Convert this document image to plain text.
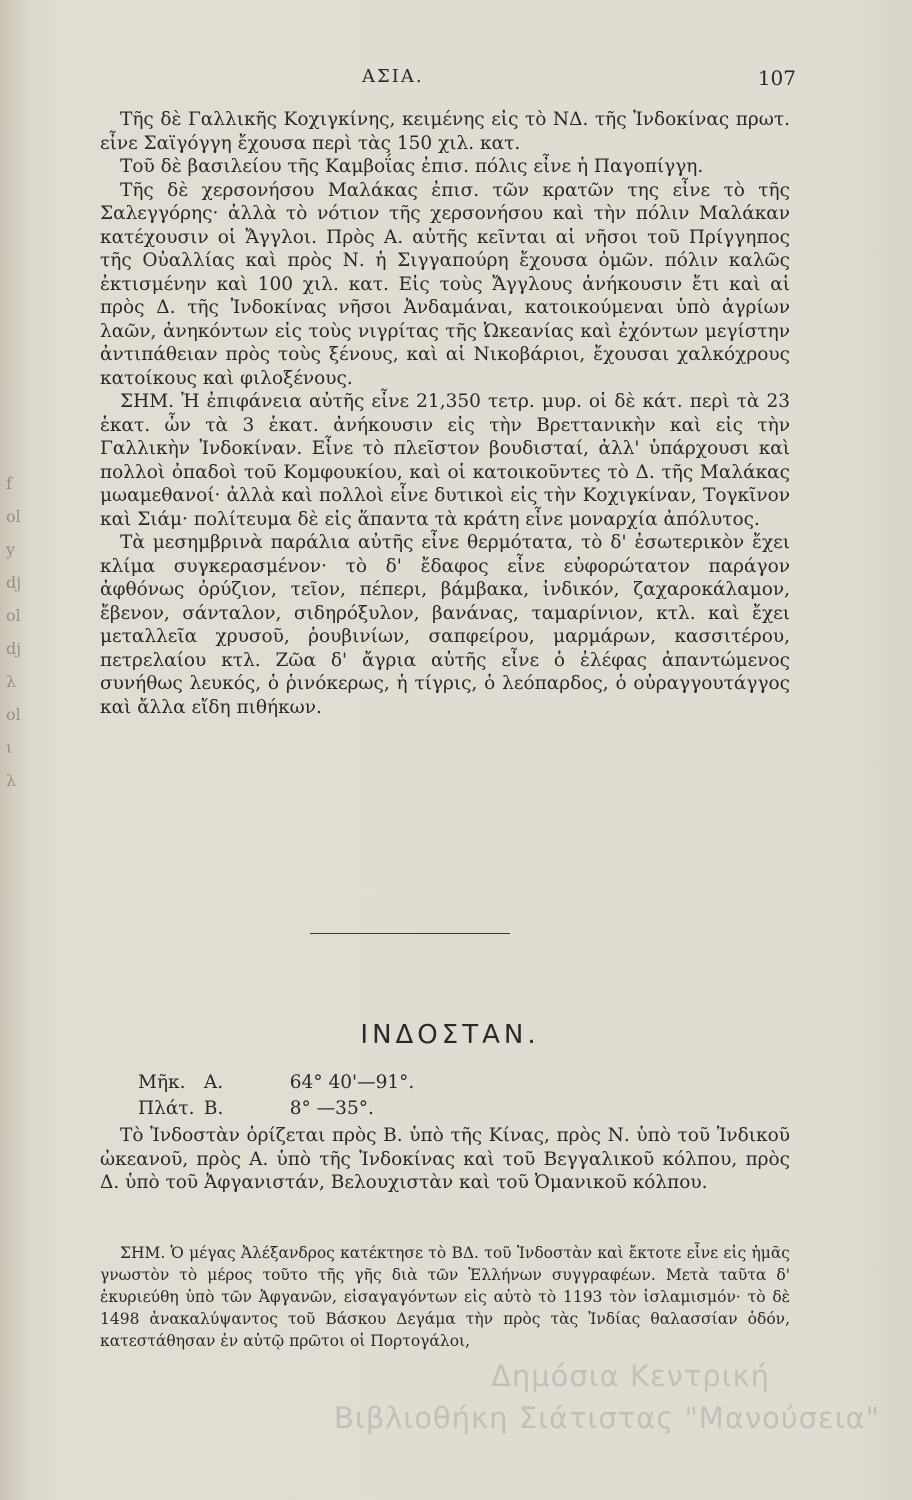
f
ol
y
dj
ol
dj
λ
ol
ι
λ
ΑΣΙΑ.	107

Τῆς δὲ Γαλλικῆς Κοχιγκίνης, κειμένης εἰς τὸ ΝΔ. τῆς Ἰνδοκίνας πρωτ. εἶνε Σαϊγόγγη ἔχουσα περὶ τὰς 150 χιλ. κατ.

Τοῦ δὲ βασιλείου τῆς Καμβοΐας ἐπισ. πόλις εἶνε ἡ Παγοπίγγη.

Τῆς δὲ χερσονήσου Μαλάκας ἐπισ. τῶν κρατῶν της εἶνε τὸ τῆς Σαλεγγόρης· ἀλλὰ τὸ νότιον τῆς χερσονήσου καὶ τὴν πόλιν Μαλάκαν κατέχουσιν οἱ Ἄγγλοι. Πρὸς Α. αὐτῆς κεῖνται αἱ νῆσοι τοῦ Πρίγγηπος τῆς Οὐαλλίας καὶ πρὸς Ν. ἡ Σιγγαπούρη ἔχουσα ὁμῶν. πόλιν καλῶς ἐκτισμένην καὶ 100 χιλ. κατ. Εἰς τοὺς Ἄγγλους ἀνήκουσιν ἔτι καὶ αἱ πρὸς Δ. τῆς Ἰνδοκίνας νῆσοι Ἀνδαμάναι, κατοικούμεναι ὑπὸ ἀγρίων λαῶν, ἀνηκόντων εἰς τοὺς νιγρίτας τῆς Ὠκεανίας καὶ ἐχόντων μεγίστην ἀντιπάθειαν πρὸς τοὺς ξένους, καὶ αἱ Νικοβάριοι, ἔχουσαι χαλκόχρους κατοίκους καὶ φιλοξένους.

ΣΗΜ. Ἡ ἐπιφάνεια αὐτῆς εἶνε 21,350 τετρ. μυρ. οἱ δὲ κάτ. περὶ τὰ 23 ἑκατ. ὧν τὰ 3 ἑκατ. ἀνήκουσιν εἰς τὴν Βρεττανικὴν καὶ εἰς τὴν Γαλλικὴν Ἰνδοκίναν. Εἶνε τὸ πλεῖστον βουδισταί, ἀλλ' ὑπάρχουσι καὶ πολλοὶ ὀπαδοὶ τοῦ Κομφουκίου, καὶ οἱ κατοικοῦντες τὸ Δ. τῆς Μαλάκας μωαμεθανοί· ἀλλὰ καὶ πολλοὶ εἶνε δυτικοὶ εἰς τὴν Κοχιγκίναν, Τογκῖνον καὶ Σιάμ· πολίτευμα δὲ εἰς ἅπαντα τὰ κράτη εἶνε μοναρχία ἀπόλυτος.

Τὰ μεσημβρινὰ παράλια αὐτῆς εἶνε θερμότατα, τὸ δ' ἐσωτερικὸν ἔχει κλίμα συγκερασμένον· τὸ δ' ἔδαφος εἶνε εὐφορώτατον παράγον ἀφθόνως ὀρύζιον, τεῖον, πέπερι, βάμβακα, ἰνδικόν, ζαχαροκάλαμον, ἔβενον, σάνταλον, σιδηρόξυλον, βανάνας, ταμαρίνιον, κτλ. καὶ ἔχει μεταλλεῖα χρυσοῦ, ῥουβινίων, σαπφείρου, μαρμάρων, κασσιτέρου, πετρελαίου κτλ. Ζῶα δ' ἄγρια αὐτῆς εἶνε ὁ ἐλέφας ἀπαντώμενος συνήθως λευκός, ὁ ῥινόκερως, ἡ τίγρις, ὁ λεόπαρδος, ὁ οὐραγγουτάγγος καὶ ἄλλα εἴδη πιθήκων.

ΙΝΔΟΣΤΑΝ.
Μῆκ. Α.	64° 40'—91°.
Πλάτ. Β.	8° —35°.

Τὸ Ἰνδοστὰν ὁρίζεται πρὸς Β. ὑπὸ τῆς Κίνας, πρὸς Ν. ὑπὸ τοῦ Ἰνδικοῦ ὠκεανοῦ, πρὸς Α. ὑπὸ τῆς Ἰνδοκίνας καὶ τοῦ Βεγγαλικοῦ κόλπου, πρὸς Δ. ὑπὸ τοῦ Ἀφγανιστάν, Βελουχιστὰν καὶ τοῦ Ὀμανικοῦ κόλπου.

ΣΗΜ. Ὁ μέγας Ἀλέξανδρος κατέκτησε τὸ ΒΔ. τοῦ Ἰνδοστὰν καὶ ἔκτοτε εἶνε εἰς ἡμᾶς γνωστὸν τὸ μέρος τοῦτο τῆς γῆς διὰ τῶν Ἑλλήνων συγγραφέων. Μετὰ ταῦτα δ' ἐκυριεύθη ὑπὸ τῶν Ἀφγανῶν, εἰσαγαγόντων εἰς αὐτὸ τὸ 1193 τὸν ἰσλαμισμόν· τὸ δὲ 1498 ἀνακαλύψαντος τοῦ Βάσκου Δεγάμα τὴν πρὸς τὰς Ἰνδίας θαλασσίαν ὁδόν, κατεστάθησαν ἐν αὐτῷ πρῶτοι οἱ Πορτογάλοι,

Δημόσια Κεντρική
Βιβλιοθήκη Σιάτιστας "Μανούσεια"
